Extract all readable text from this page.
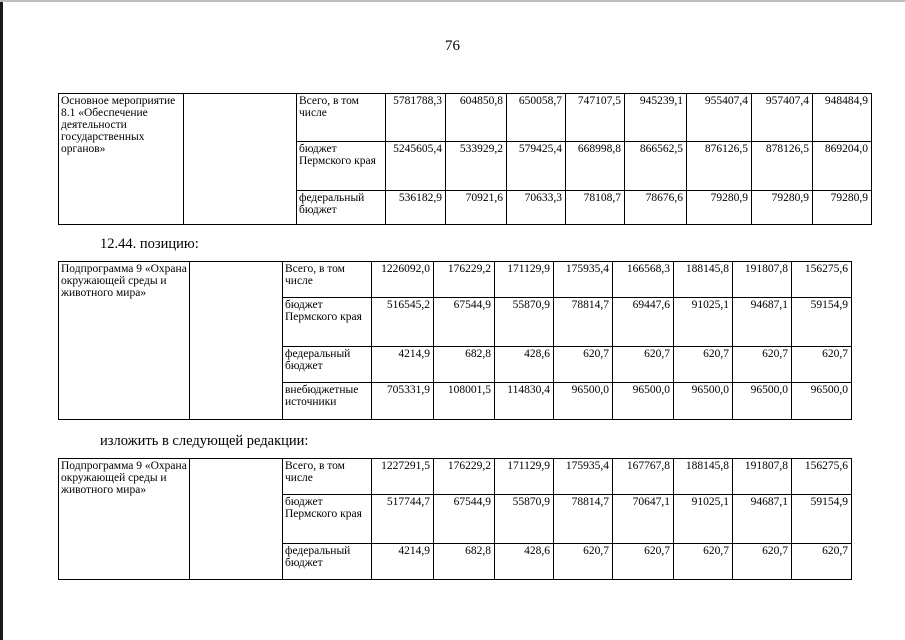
76
Основное мероприятие 8.1 «Обеспечение деятельности государственных органов»		Всего, в том числе	5781788,3	604850,8	650058,7	747107,5	945239,1	955407,4	957407,4	948484,9
		бюджет Пермского края	5245605,4	533929,2	579425,4	668998,8	866562,5	876126,5	878126,5	869204,0
		федеральный бюджет	536182,9	70921,6	70633,3	78108,7	78676,6	79280,9	79280,9	79280,9
12.44. позицию:
Подпрограмма 9 «Охрана окружающей среды и животного мира»		Всего, в том числе	1226092,0	176229,2	171129,9	175935,4	166568,3	188145,8	191807,8	156275,6
		бюджет Пермского края	516545,2	67544,9	55870,9	78814,7	69447,6	91025,1	94687,1	59154,9
		федеральный бюджет	4214,9	682,8	428,6	620,7	620,7	620,7	620,7	620,7
		внебюджетные источники	705331,9	108001,5	114830,4	96500,0	96500,0	96500,0	96500,0	96500,0
изложить в следующей редакции:
Подпрограмма 9 «Охрана окружающей среды и животного мира»		Всего, в том числе	1227291,5	176229,2	171129,9	175935,4	167767,8	188145,8	191807,8	156275,6
		бюджет Пермского края	517744,7	67544,9	55870,9	78814,7	70647,1	91025,1	94687,1	59154,9
		федеральный бюджет	4214,9	682,8	428,6	620,7	620,7	620,7	620,7	620,7
